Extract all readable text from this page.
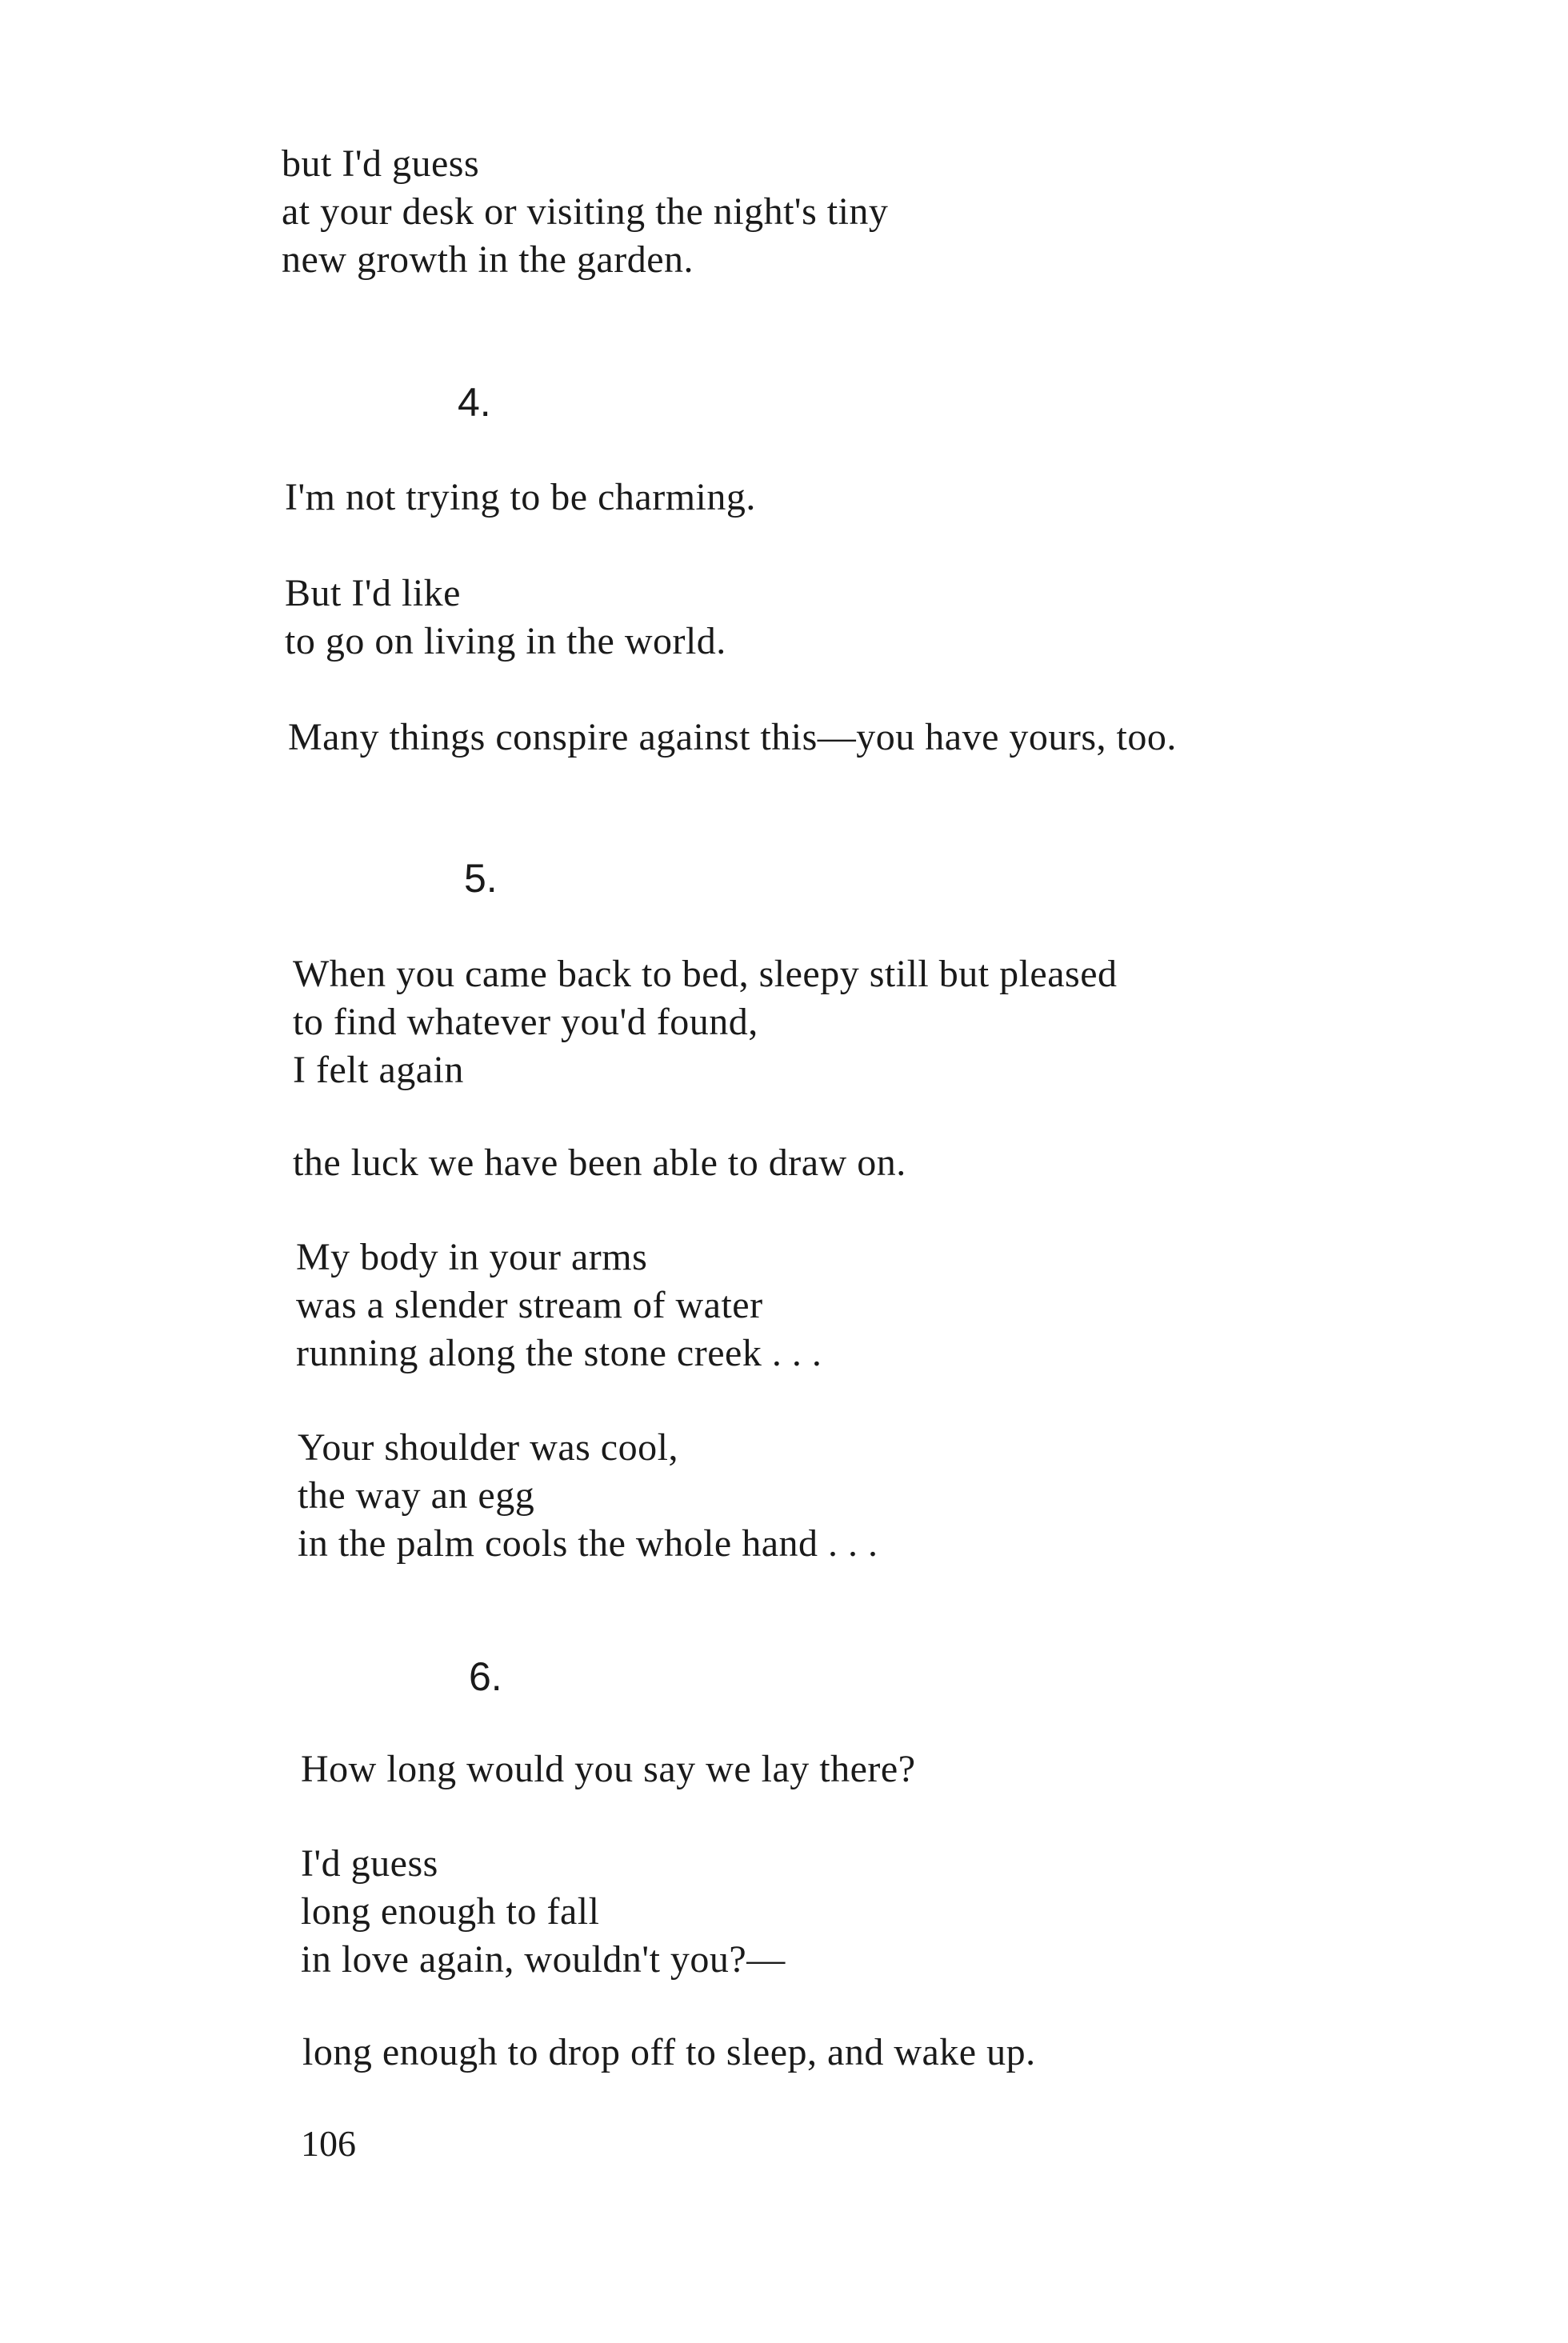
but I'd guess
at your desk or visiting the night's tiny
new growth in the garden.
4.
I'm not trying to be charming.
But I'd like
to go on living in the world.
Many things conspire against this—you have yours, too.
5.
When you came back to bed, sleepy still but pleased
to find whatever you'd found,
I felt again
the luck we have been able to draw on.
My body in your arms
was a slender stream of water
running along the stone creek . . .
Your shoulder was cool,
the way an egg
in the palm cools the whole hand . . .
6.
How long would you say we lay there?
I'd guess
long enough to fall
in love again, wouldn't you?—
long enough to drop off to sleep, and wake up.
106
